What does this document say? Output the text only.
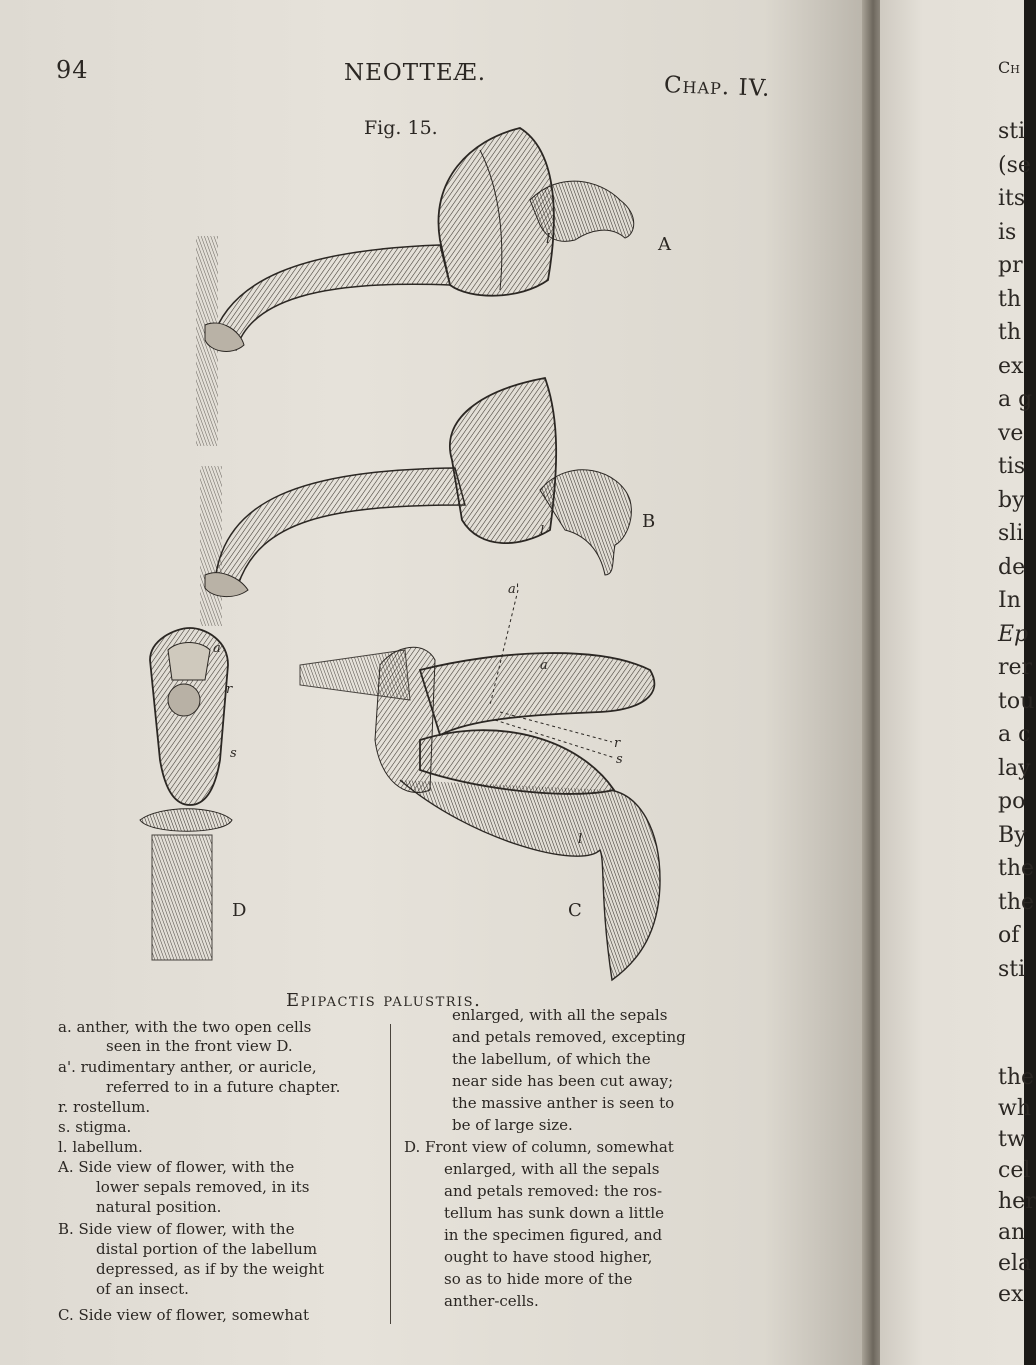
94	NEOTTEÆ.	Chap. IV.
Fig. 15.
A
B
C
D
a
a
a'
r
r
s	s
l
l
l
Epipactis palustris.
a. anther, with the two open cells
seen in the front view D.
a'. rudimentary anther, or auricle,
referred to in a future chapter.
r. rostellum.
s. stigma.
l. labellum.
A. Side view of flower, with the
lower sepals removed, in its
natural position.
B. Side view of flower, with the
distal portion of the labellum
depressed, as if by the weight
of an insect.
C. Side view of flower, somewhat
enlarged, with all the sepals
and petals removed, excepting
the labellum, of which the
near side has been cut away;
the massive anther is seen to
be of large size.
D. Front view of column, somewhat
enlarged, with all the sepals
and petals removed: the ros-
tellum has sunk down a little
in the specimen figured, and
ought to have stood higher,
so as to hide more of the
anther-cells.
Ch
sti
(se
its
is
pr
th
th
ex
a g
ve
tis
by
sli
de
In
Ep
rer
tou
a c
lay
po
By
the
the
of
sti
the
wh
tw
cel
her
an
ela
ex
